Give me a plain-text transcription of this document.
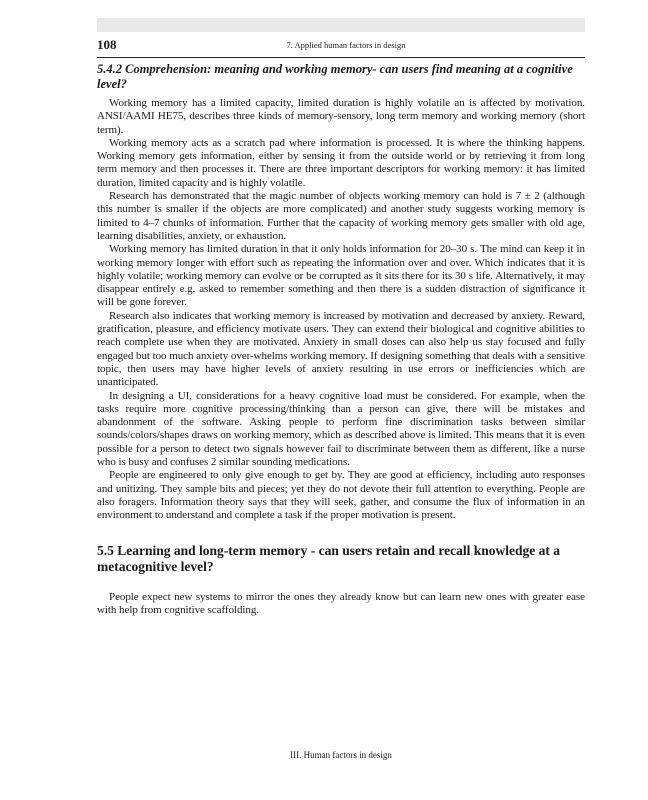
108	7. Applied human factors in design
5.4.2 Comprehension: meaning and working memory- can users find meaning at a cognitive level?

Working memory has a limited capacity, limited duration is highly volatile an is affected by motivation. ANSI/AAMI HE75, describes three kinds of memory-sensory, long term memory and working memory (short term).

Working memory acts as a scratch pad where information is processed. It is where the thinking happens. Working memory gets information, either by sensing it from the outside world or by retrieving it from long term memory and then processes it. There are three important descriptors for working memory: it has limited duration, limited capacity and is highly volatile.

Research has demonstrated that the magic number of objects working memory can hold is 7 ± 2 (although this number is smaller if the objects are more complicated) and another study suggests working memory is limited to 4–7 chunks of information. Further that the capacity of working memory gets smaller with old age, learning disabilities, anxiety, or exhaustion.

Working memory has limited duration in that it only holds information for 20–30 s. The mind can keep it in working memory longer with effort such as repeating the information over and over. Which indicates that it is highly volatile; working memory can evolve or be corrupted as it sits there for its 30 s life. Alternatively, it may disappear entirely e.g. asked to remember something and then there is a sudden distraction of significance it will be gone forever.

Research also indicates that working memory is increased by motivation and decreased by anxiety. Reward, gratification, pleasure, and efficiency motivate users. They can extend their biological and cognitive abilities to reach complete use when they are motivated. Anxiety in small doses can also help us stay focused and fully engaged but too much anxiety over-whelms working memory. If designing something that deals with a sensitive topic, then users may have higher levels of anxiety resulting in use errors or inefficiencies which are unanticipated.

In designing a UI, considerations for a heavy cognitive load must be considered. For example, when the tasks require more cognitive processing/thinking than a person can give, there will be mistakes and abandonment of the software. Asking people to perform fine discrimination tasks between similar sounds/colors/shapes draws on working memory, which as described above is limited. This means that it is even possible for a person to detect two signals however fail to discriminate between them as different, like a nurse who is busy and confuses 2 similar sounding medications.

People are engineered to only give enough to get by. They are good at efficiency, including auto responses and unitizing. They sample bits and pieces; yet they do not devote their full attention to everything. People are also foragers. Information theory says that they will seek, gather, and consume the flux of information in an environment to understand and complete a task if the proper motivation is present.

5.5 Learning and long-term memory - can users retain and recall knowledge at a metacognitive level?

People expect new systems to mirror the ones they already know but can learn new ones with greater ease with help from cognitive scaffolding.

III. Human factors in design
